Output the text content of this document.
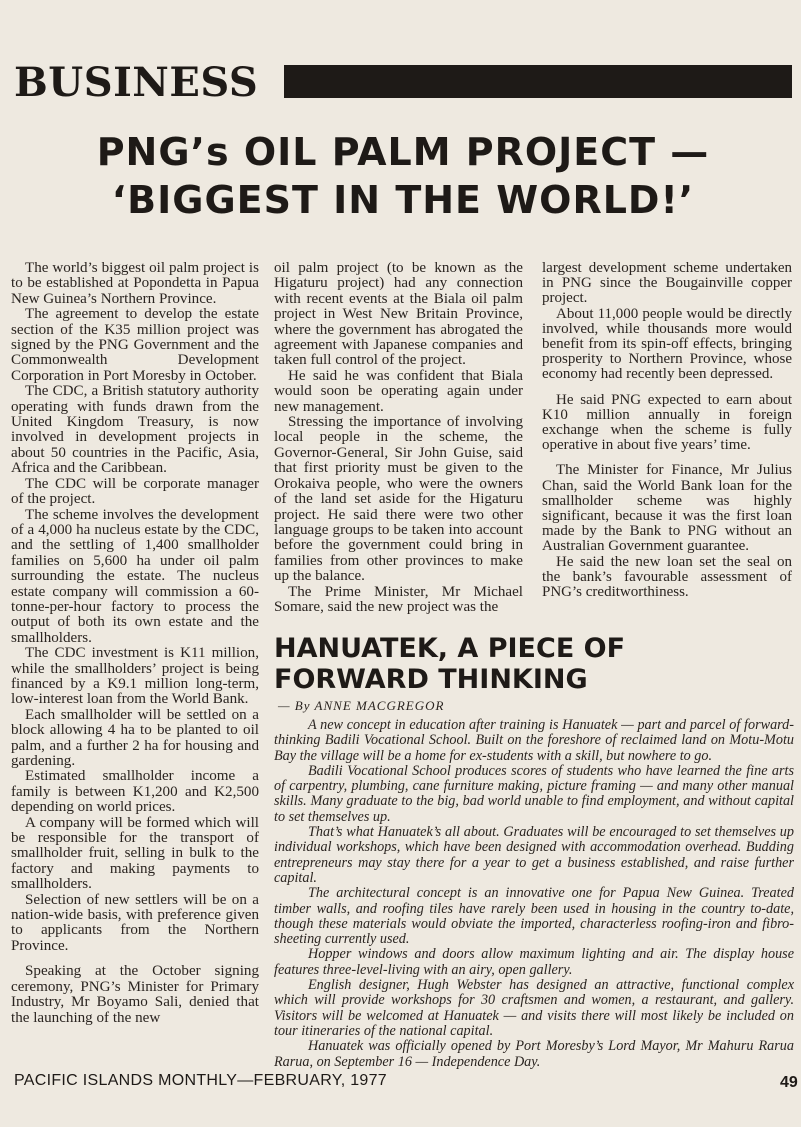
BUSINESS
PNG’s OIL PALM PROJECT —
‘BIGGEST IN THE WORLD!’

The world’s biggest oil palm project is to be established at Popondetta in Papua New Guinea’s Northern Province.

The agreement to develop the estate section of the K35 million project was signed by the PNG Government and the Commonwealth Development Corporation in Port Moresby in October.

The CDC, a British statutory authority operating with funds drawn from the United Kingdom Treasury, is now involved in development projects in about 50 countries in the Pacific, Asia, Africa and the Caribbean.

The CDC will be corporate manager of the project.

The scheme involves the development of a 4,000 ha nucleus estate by the CDC, and the settling of 1,400 smallholder families on 5,600 ha under oil palm surrounding the estate. The nucleus estate company will commission a 60-tonne-per-hour factory to process the output of both its own estate and the smallholders.

The CDC investment is K11 million, while the smallholders’ project is being financed by a K9.1 million long-term, low-interest loan from the World Bank.

Each smallholder will be settled on a block allowing 4 ha to be planted to oil palm, and a further 2 ha for housing and gardening.

Estimated smallholder income a family is between K1,200 and K2,500 depending on world prices.

A company will be formed which will be responsible for the transport of smallholder fruit, selling in bulk to the factory and making payments to smallholders.

Selection of new settlers will be on a nation-wide basis, with preference given to applicants from the Northern Province.

Speaking at the October signing ceremony, PNG’s Minister for Primary Industry, Mr Boyamo Sali, denied that the launching of the new

oil palm project (to be known as the Higaturu project) had any connection with recent events at the Biala oil palm project in West New Britain Province, where the government has abrogated the agreement with Japanese companies and taken full control of the project.

He said he was confident that Biala would soon be operating again under new management.

Stressing the importance of involving local people in the scheme, the Governor-General, Sir John Guise, said that first priority must be given to the Orokaiva people, who were the owners of the land set aside for the Higaturu project. He said there were two other language groups to be taken into account before the government could bring in families from other provinces to make up the balance.

The Prime Minister, Mr Michael Somare, said the new project was the

largest development scheme undertaken in PNG since the Bougainville copper project.

About 11,000 people would be directly involved, while thousands more would benefit from its spin-off effects, bringing prosperity to Northern Province, whose economy had recently been depressed.

He said PNG expected to earn about K10 million annually in foreign exchange when the scheme is fully operative in about five years’ time.

The Minister for Finance, Mr Julius Chan, said the World Bank loan for the smallholder scheme was highly significant, because it was the first loan made by the Bank to PNG without an Australian Government guarantee.

He said the new loan set the seal on the bank’s favourable assessment of PNG’s creditworthiness.

HANUATEK, A PIECE OF
FORWARD THINKING
— By ANNE MACGREGOR

A new concept in education after training is Hanuatek — part and parcel of forward-thinking Badili Vocational School. Built on the foreshore of reclaimed land on Motu-Motu Bay the village will be a home for ex-students with a skill, but nowhere to go.

Badili Vocational School produces scores of students who have learned the fine arts of carpentry, plumbing, cane furniture making, picture framing — and many other manual skills. Many graduate to the big, bad world unable to find employment, and without capital to set themselves up.

That’s what Hanuatek’s all about. Graduates will be encouraged to set themselves up individual workshops, which have been designed with accommodation overhead. Budding entrepreneurs may stay there for a year to get a business established, and raise further capital.

The architectural concept is an innovative one for Papua New Guinea. Treated timber walls, and roofing tiles have rarely been used in housing in the country to-date, though these materials would obviate the imported, characterless roofing-iron and fibro-sheeting currently used.

Hopper windows and doors allow maximum lighting and air. The display house features three-level-living with an airy, open gallery.

English designer, Hugh Webster has designed an attractive, functional complex which will provide workshops for 30 craftsmen and women, a restaurant, and gallery. Visitors will be welcomed at Hanuatek — and visits there will most likely be included on tour itineraries of the national capital.

Hanuatek was officially opened by Port Moresby’s Lord Mayor, Mr Mahuru Rarua Rarua, on September 16 — Independence Day.

PACIFIC ISLANDS MONTHLY—FEBRUARY, 1977	49
